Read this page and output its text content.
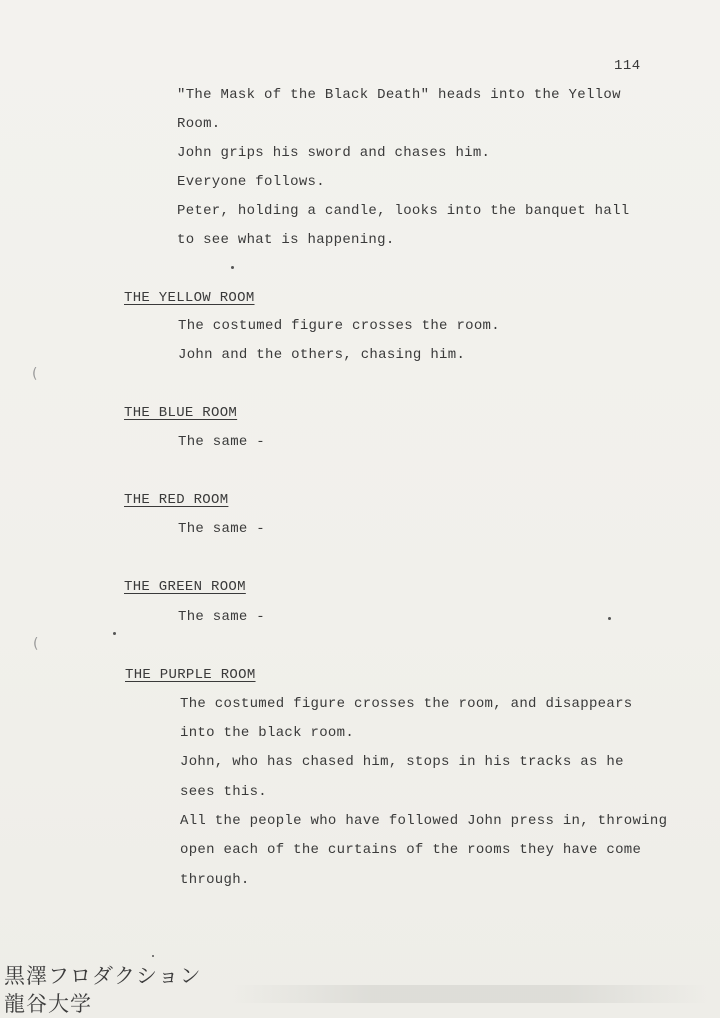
114
"The Mask of the Black Death" heads into the Yellow
Room.
John grips his sword and chases him.
Everyone follows.
Peter, holding a candle, looks into the banquet hall
to see what is happening.
THE YELLOW ROOM
The costumed figure crosses the room.
John and the others, chasing him.
(
THE BLUE ROOM
The same -
THE RED ROOM
The same -
THE GREEN ROOM
The same -
(
THE PURPLE ROOM
The costumed figure crosses the room, and disappears
into the black room.
John, who has chased him, stops in his tracks as he
sees this.
All the people who have followed John press in, throwing
open each of the curtains of the rooms they have come
through.
黒澤フロダクション
龍谷大学
